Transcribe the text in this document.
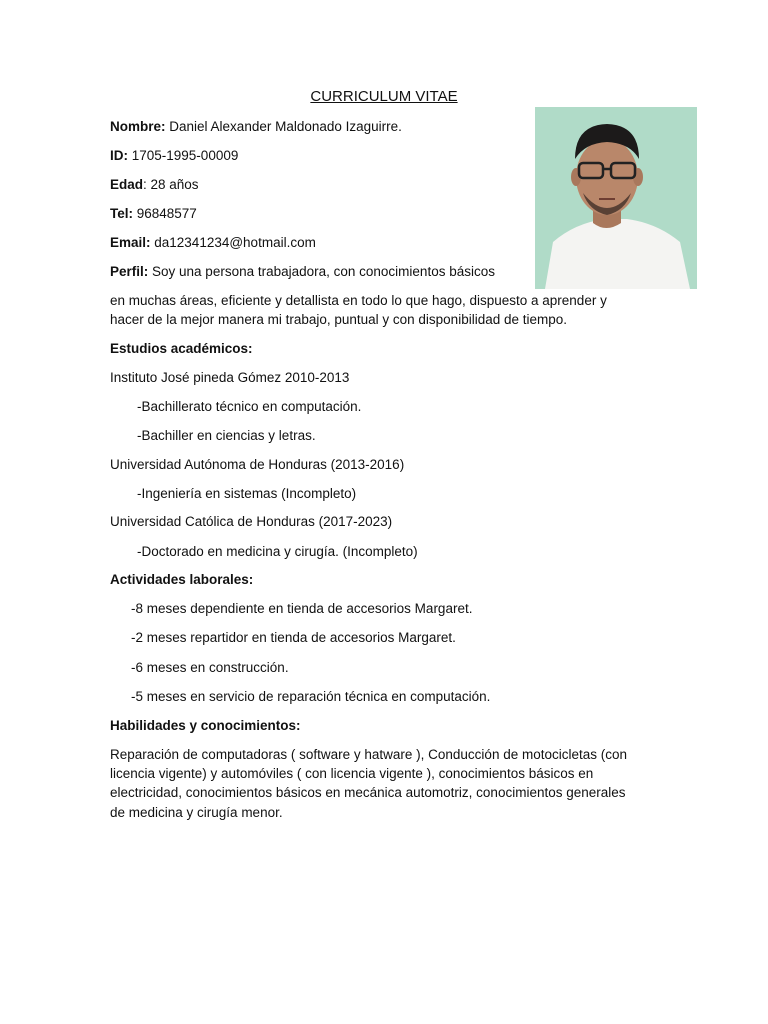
CURRICULUM VITAE
Nombre: Daniel Alexander Maldonado Izaguirre.
ID: 1705-1995-00009
Edad: 28 años
Tel: 96848577
Email: da12341234@hotmail.com
Perfil: Soy una persona trabajadora, con conocimientos básicos
en muchas áreas, eficiente y detallista en todo lo que hago, dispuesto a aprender y
hacer de la mejor manera mi trabajo, puntual y con disponibilidad de tiempo.
Estudios académicos:
Instituto José pineda Gómez 2010-2013
-Bachillerato técnico en computación.
-Bachiller en ciencias y letras.
Universidad Autónoma de Honduras (2013-2016)
-Ingeniería en sistemas (Incompleto)
Universidad Católica de Honduras (2017-2023)
-Doctorado en medicina y cirugía. (Incompleto)
Actividades laborales:
-8 meses dependiente en tienda de accesorios Margaret.
-2 meses repartidor en tienda de accesorios Margaret.
-6 meses en construcción.
-5 meses en servicio de reparación técnica en computación.
Habilidades y conocimientos:
Reparación de computadoras ( software y hatware ), Conducción de motocicletas (con
licencia vigente) y automóviles ( con licencia vigente ), conocimientos básicos en
electricidad, conocimientos básicos en mecánica automotriz, conocimientos generales
de medicina y cirugía menor.
